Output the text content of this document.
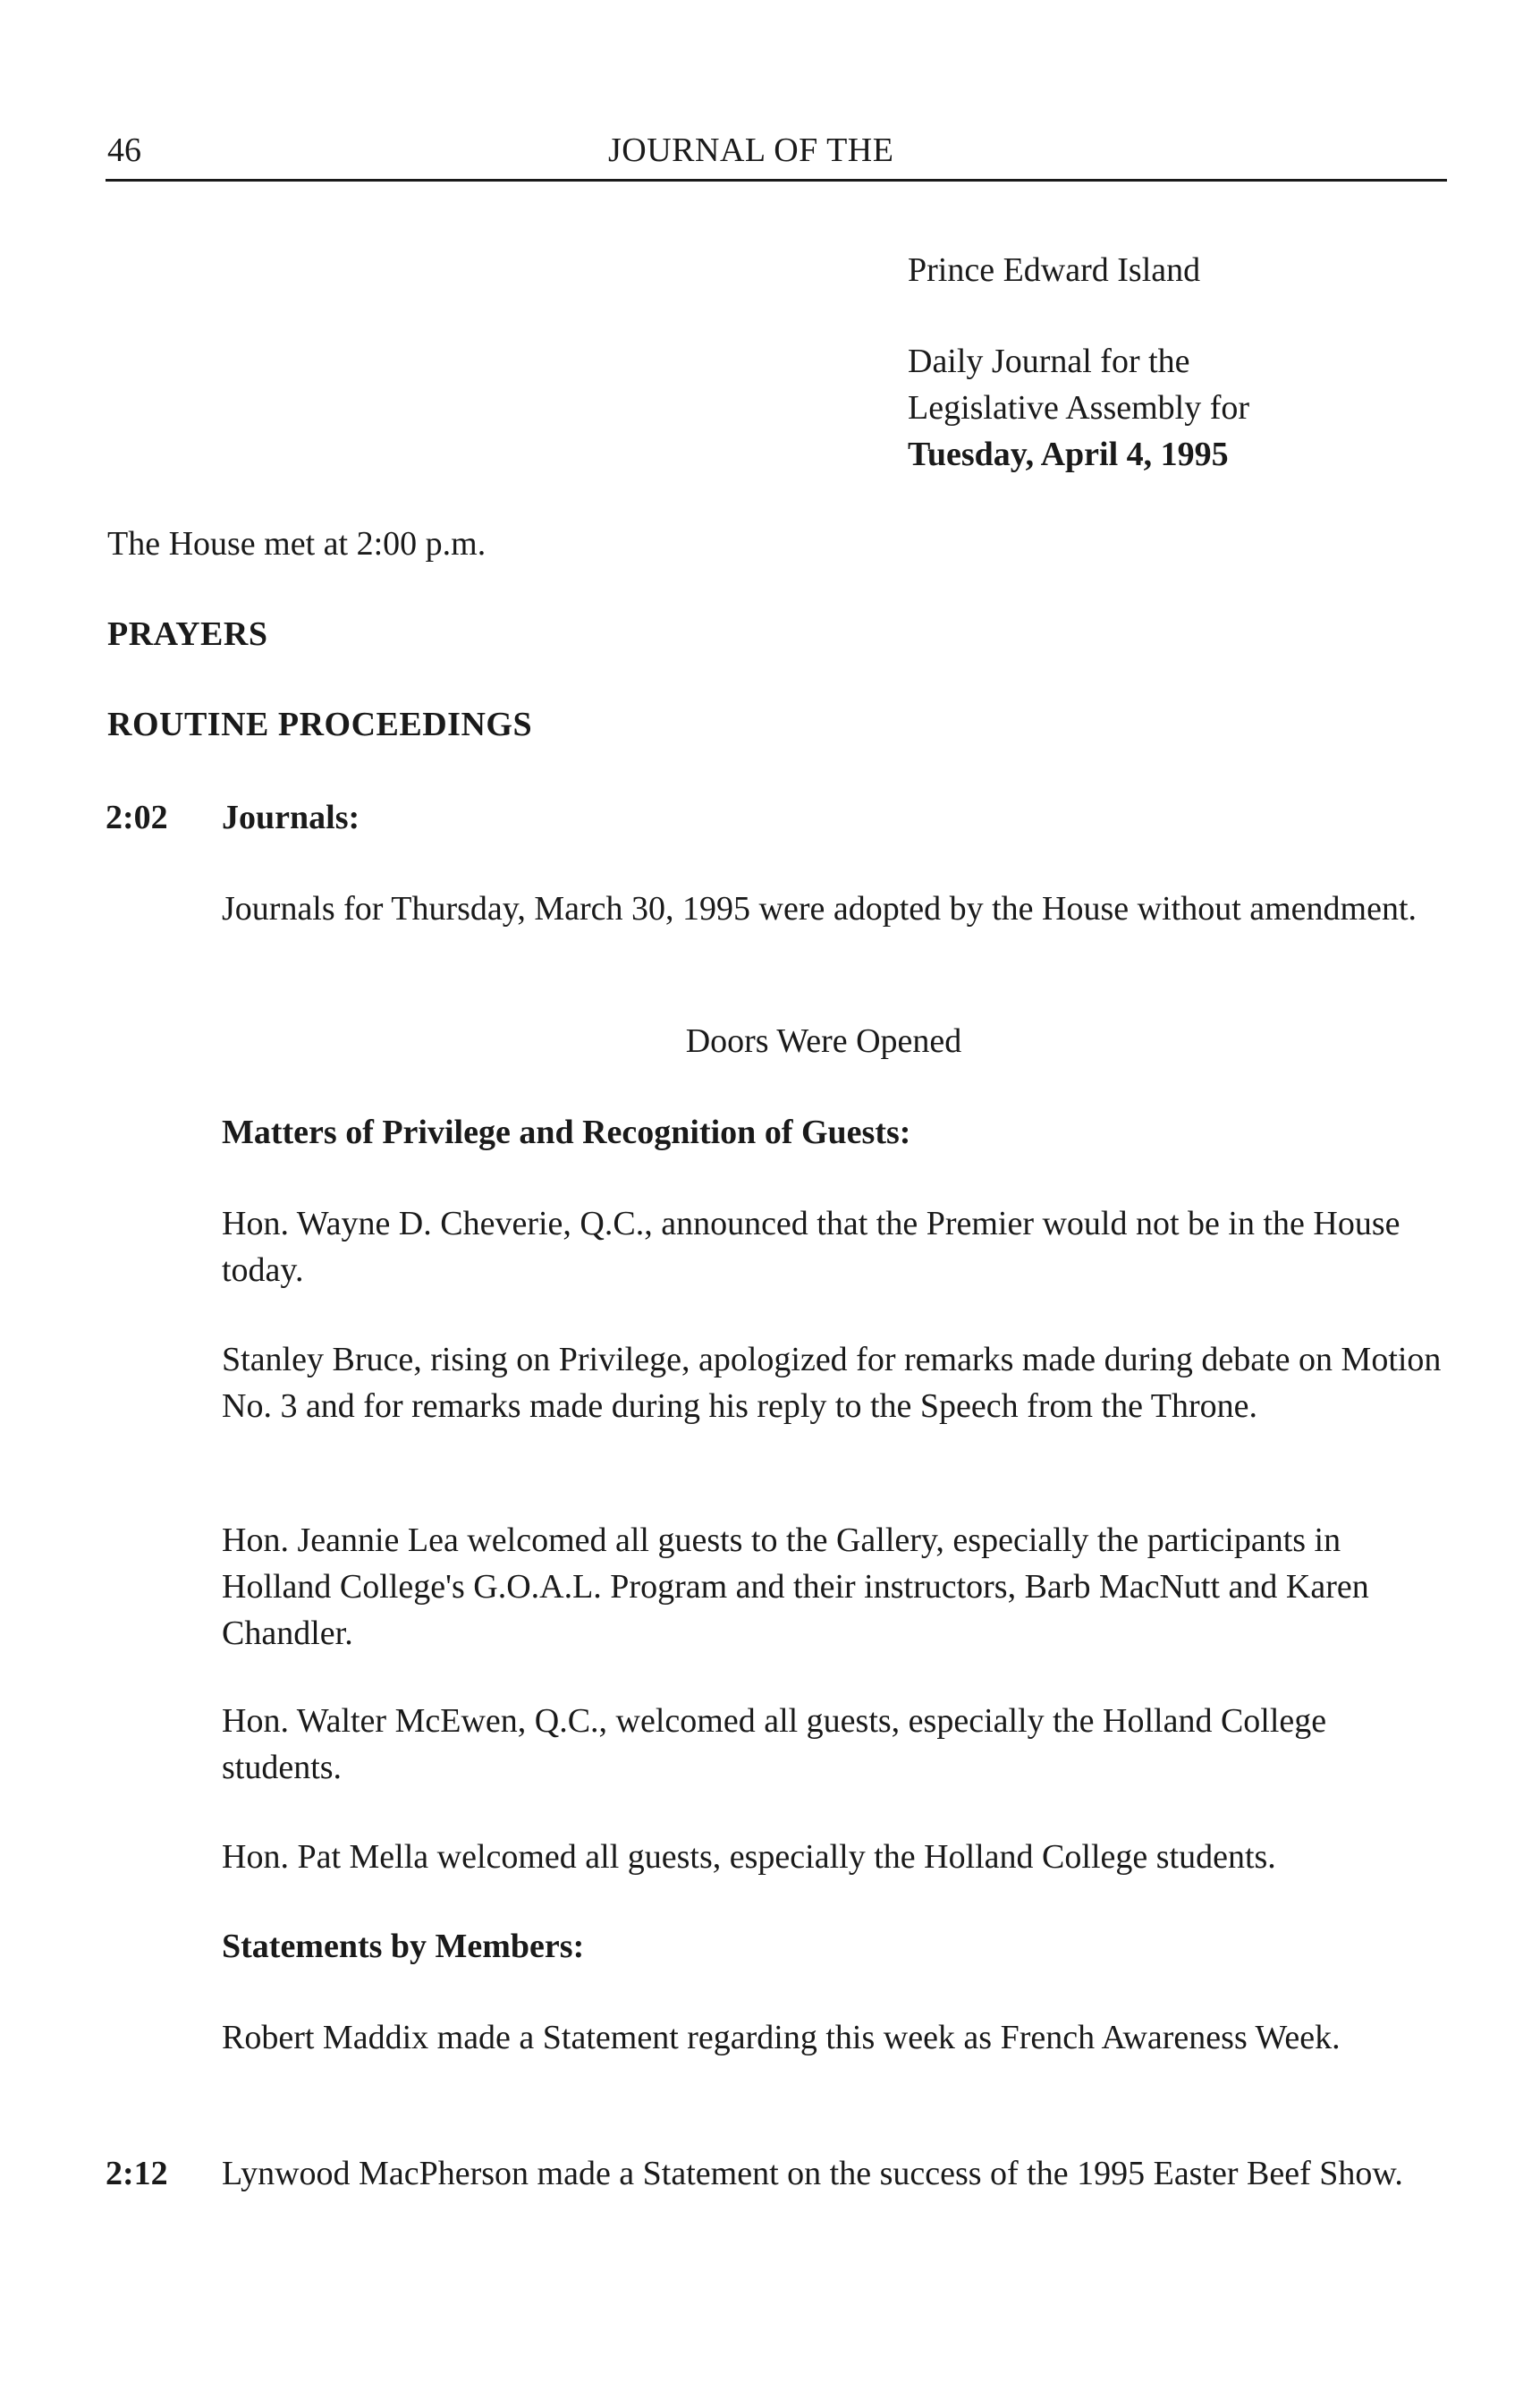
46	JOURNAL OF THE
Prince Edward Island
Daily Journal for the
Legislative Assembly for
Tuesday, April 4, 1995
The House met at 2:00 p.m.
PRAYERS
ROUTINE PROCEEDINGS
2:02 Journals:
Journals for Thursday, March 30, 1995 were adopted by the House without amendment.
Doors Were Opened
Matters of Privilege and Recognition of Guests:
Hon. Wayne D. Cheverie, Q.C., announced that the Premier would not be in the House today.
Stanley Bruce, rising on Privilege, apologized for remarks made during debate on Motion No. 3 and for remarks made during his reply to the Speech from the Throne.
Hon. Jeannie Lea welcomed all guests to the Gallery, especially the participants in Holland College's G.O.A.L. Program and their instructors, Barb MacNutt and Karen Chandler.
Hon. Walter McEwen, Q.C., welcomed all guests, especially the Holland College students.
Hon. Pat Mella welcomed all guests, especially the Holland College students.
Statements by Members:
Robert Maddix made a Statement regarding this week as French Awareness Week.
2:12 Lynwood MacPherson made a Statement on the success of the 1995 Easter Beef Show.
